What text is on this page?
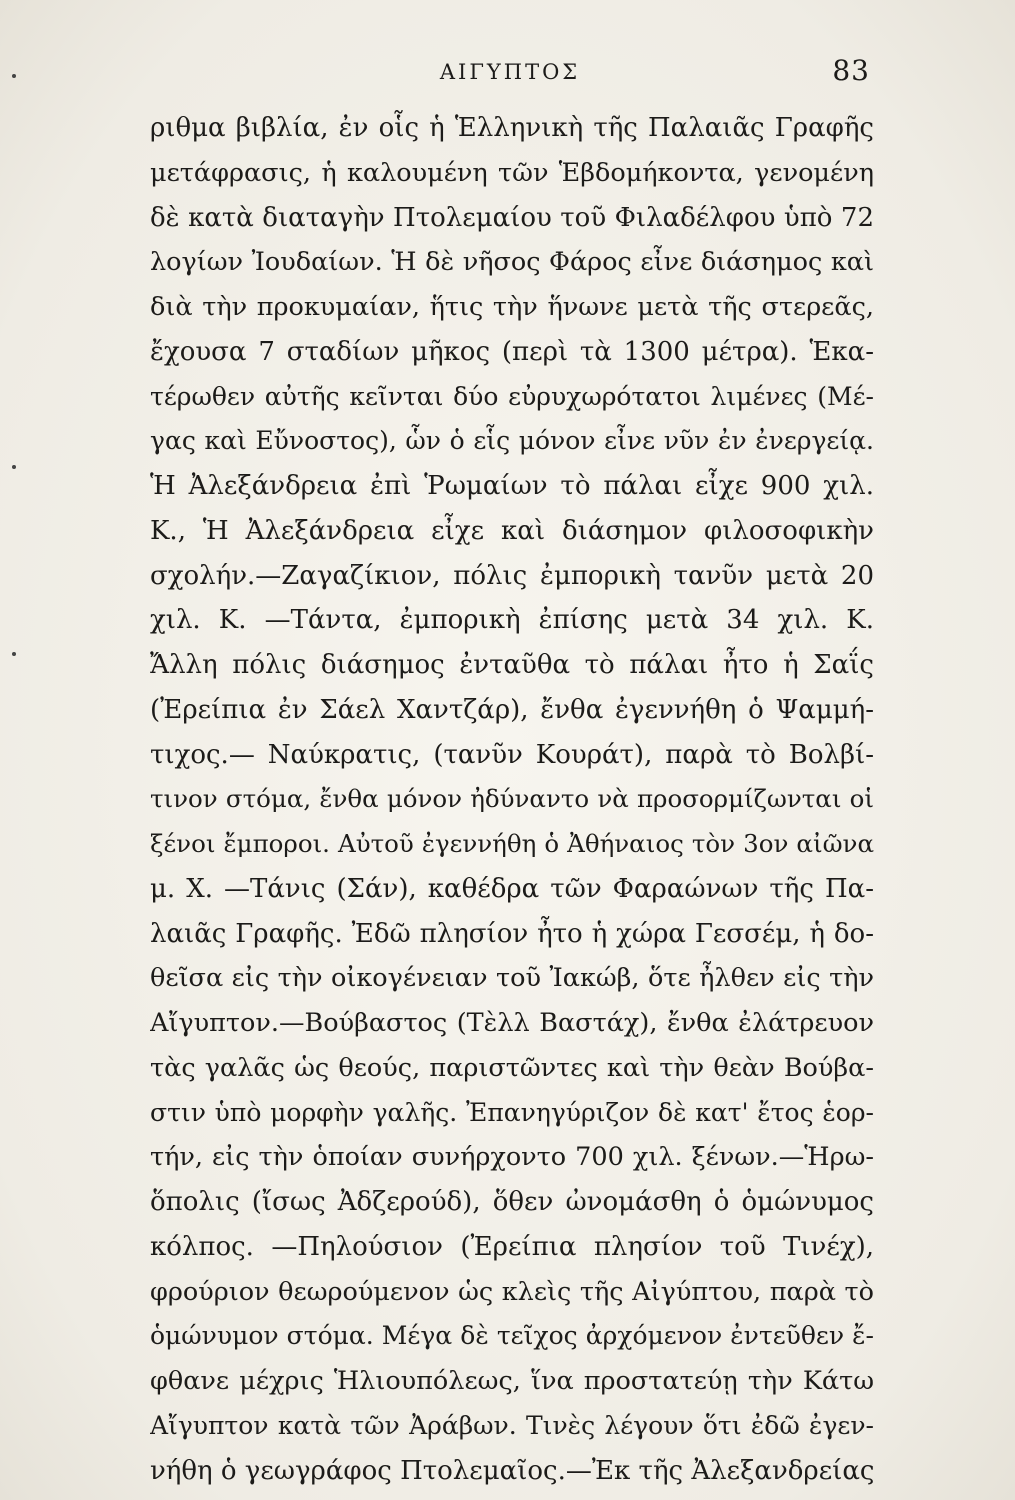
ΑΙΓΥΠΤΟΣ	83
ριθμα βιβλία, ἐν οἷς ἡ Ἑλληνικὴ τῆς Παλαιᾶς Γραφῆς
μετάφρασις, ἡ καλουμένη τῶν Ἑβδομήκοντα, γενομένη
δὲ κατὰ διαταγὴν Πτολεμαίου τοῦ Φιλαδέλφου ὑπὸ 72
λογίων Ἰουδαίων. Ἡ δὲ νῆσος Φάρος εἶνε διάσημος καὶ
διὰ τὴν προκυμαίαν, ἥτις τὴν ἥνωνε μετὰ τῆς στερεᾶς,
ἔχουσα 7 σταδίων μῆκος (περὶ τὰ 1300 μέτρα). Ἑκα-
τέρωθεν αὐτῆς κεῖνται δύο εὐρυχωρότατοι λιμένες (Μέ-
γας καὶ Εὔνοστος), ὧν ὁ εἷς μόνον εἶνε νῦν ἐν ἐνεργείᾳ.
Ἡ Ἀλεξάνδρεια ἐπὶ Ῥωμαίων τὸ πάλαι εἶχε 900 χιλ.
Κ., Ἡ Ἀλεξάνδρεια εἶχε καὶ διάσημον φιλοσοφικὴν
σχολήν.—Ζαγαζίκιον, πόλις ἐμπορικὴ τανῦν μετὰ 20
χιλ. Κ. —Τάντα, ἐμπορικὴ ἐπίσης μετὰ 34 χιλ. Κ.
Ἄλλη πόλις διάσημος ἐνταῦθα τὸ πάλαι ἦτο ἡ Σαΐς
(Ἐρείπια ἐν Σάελ Χαντζάρ), ἔνθα ἐγεννήθη ὁ Ψαμμή-
τιχος.— Ναύκρατις, (τανῦν Κουράτ), παρὰ τὸ Βολβί-
τινον στόμα, ἔνθα μόνον ἠδύναντο νὰ προσορμίζωνται οἱ
ξένοι ἔμποροι. Αὐτοῦ ἐγεννήθη ὁ Ἀθήναιος τὸν 3ον αἰῶνα
μ. Χ. —Τάνις (Σάν), καθέδρα τῶν Φαραώνων τῆς Πα-
λαιᾶς Γραφῆς. Ἐδῶ πλησίον ἦτο ἡ χώρα Γεσσέμ, ἡ δο-
θεῖσα εἰς τὴν οἰκογένειαν τοῦ Ἰακώβ, ὅτε ἦλθεν εἰς τὴν
Αἴγυπτον.—Βούβαστος (Τὲλλ Βαστάχ), ἔνθα ἐλάτρευον
τὰς γαλᾶς ὡς θεούς, παριστῶντες καὶ τὴν θεὰν Βούβα-
στιν ὑπὸ μορφὴν γαλῆς. Ἐπανηγύριζον δὲ κατ' ἔτος ἑορ-
τήν, εἰς τὴν ὁποίαν συνήρχοντο 700 χιλ. ξένων.—Ἡρω-
ὅπολις (ἴσως Ἀδζερούδ), ὅθεν ὠνομάσθη ὁ ὁμώνυμος
κόλπος. —Πηλούσιον (Ἐρείπια πλησίον τοῦ Τινέχ),
φρούριον θεωρούμενον ὡς κλεὶς τῆς Αἰγύπτου, παρὰ τὸ
ὁμώνυμον στόμα. Μέγα δὲ τεῖχος ἀρχόμενον ἐντεῦθεν ἔ-
φθανε μέχρις Ἡλιουπόλεως, ἵνα προστατεύῃ τὴν Κάτω
Αἴγυπτον κατὰ τῶν Ἀράβων. Τινὲς λέγουν ὅτι ἐδῶ ἐγεν-
νήθη ὁ γεωγράφος Πτολεμαῖος.—Ἐκ τῆς Ἀλεξανδρείας
